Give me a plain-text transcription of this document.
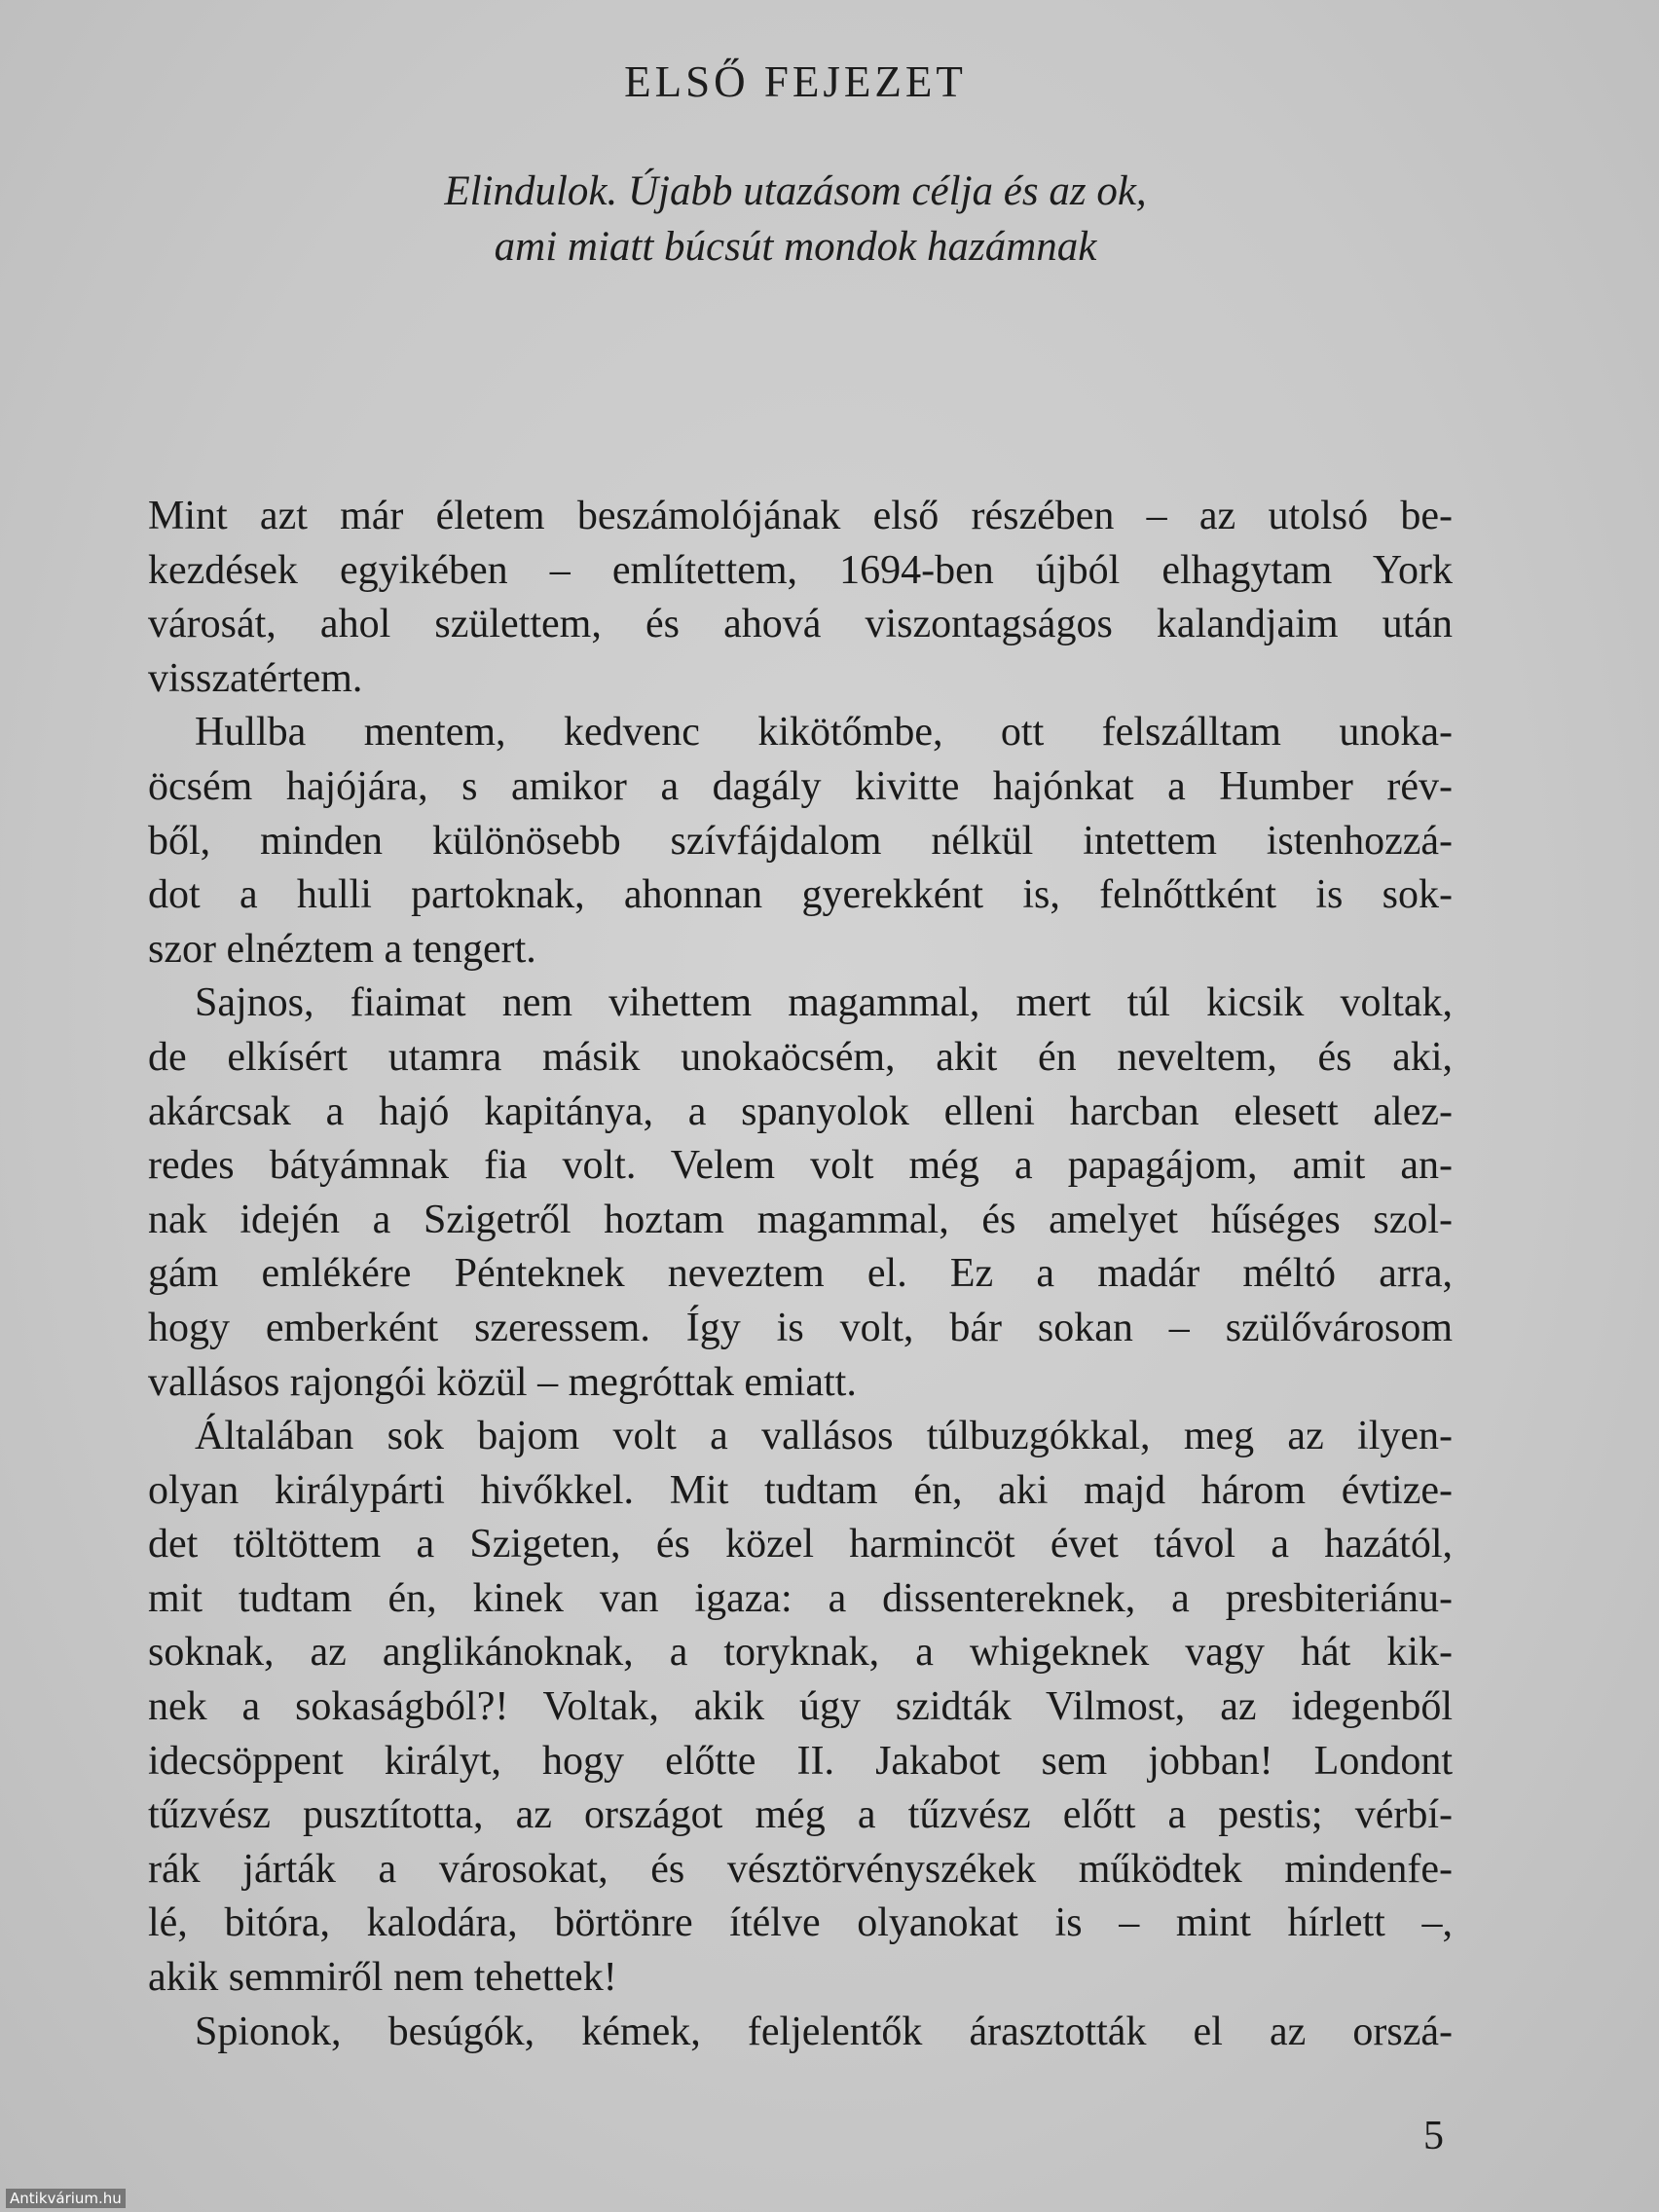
ELSŐ FEJEZET
Elindulok. Újabb utazásom célja és az ok,
ami miatt búcsút mondok hazámnak
Mint azt már életem beszámolójának első részében – az utolsó be-
kezdések egyikében – említettem, 1694-ben újból elhagytam York
városát, ahol születtem, és ahová viszontagságos kalandjaim után
visszatértem.
Hullba mentem, kedvenc kikötőmbe, ott felszálltam unoka-
öcsém hajójára, s amikor a dagály kivitte hajónkat a Humber rév-
ből, minden különösebb szívfájdalom nélkül intettem istenhozzá-
dot a hulli partoknak, ahonnan gyerekként is, felnőttként is sok-
szor elnéztem a tengert.
Sajnos, fiaimat nem vihettem magammal, mert túl kicsik voltak,
de elkísért utamra másik unokaöcsém, akit én neveltem, és aki,
akárcsak a hajó kapitánya, a spanyolok elleni harcban elesett alez-
redes bátyámnak fia volt. Velem volt még a papagájom, amit an-
nak idején a Szigetről hoztam magammal, és amelyet hűséges szol-
gám emlékére Pénteknek neveztem el. Ez a madár méltó arra,
hogy emberként szeressem. Így is volt, bár sokan – szülővárosom
vallásos rajongói közül – megróttak emiatt.
Általában sok bajom volt a vallásos túlbuzgókkal, meg az ilyen-
olyan királypárti hivőkkel. Mit tudtam én, aki majd három évtize-
det töltöttem a Szigeten, és közel harmincöt évet távol a hazától,
mit tudtam én, kinek van igaza: a dissentereknek, a presbiteriánu-
soknak, az anglikánoknak, a toryknak, a whigeknek vagy hát kik-
nek a sokaságból?! Voltak, akik úgy szidták Vilmost, az idegenből
idecsöppent királyt, hogy előtte II. Jakabot sem jobban! Londont
tűzvész pusztította, az országot még a tűzvész előtt a pestis; vérbí-
rák járták a városokat, és vésztörvényszékek működtek mindenfe-
lé, bitóra, kalodára, börtönre ítélve olyanokat is – mint hírlett –,
akik semmiről nem tehettek!
Spionok, besúgók, kémek, feljelentők árasztották el az orszá-
5
Antikvárium.hu
